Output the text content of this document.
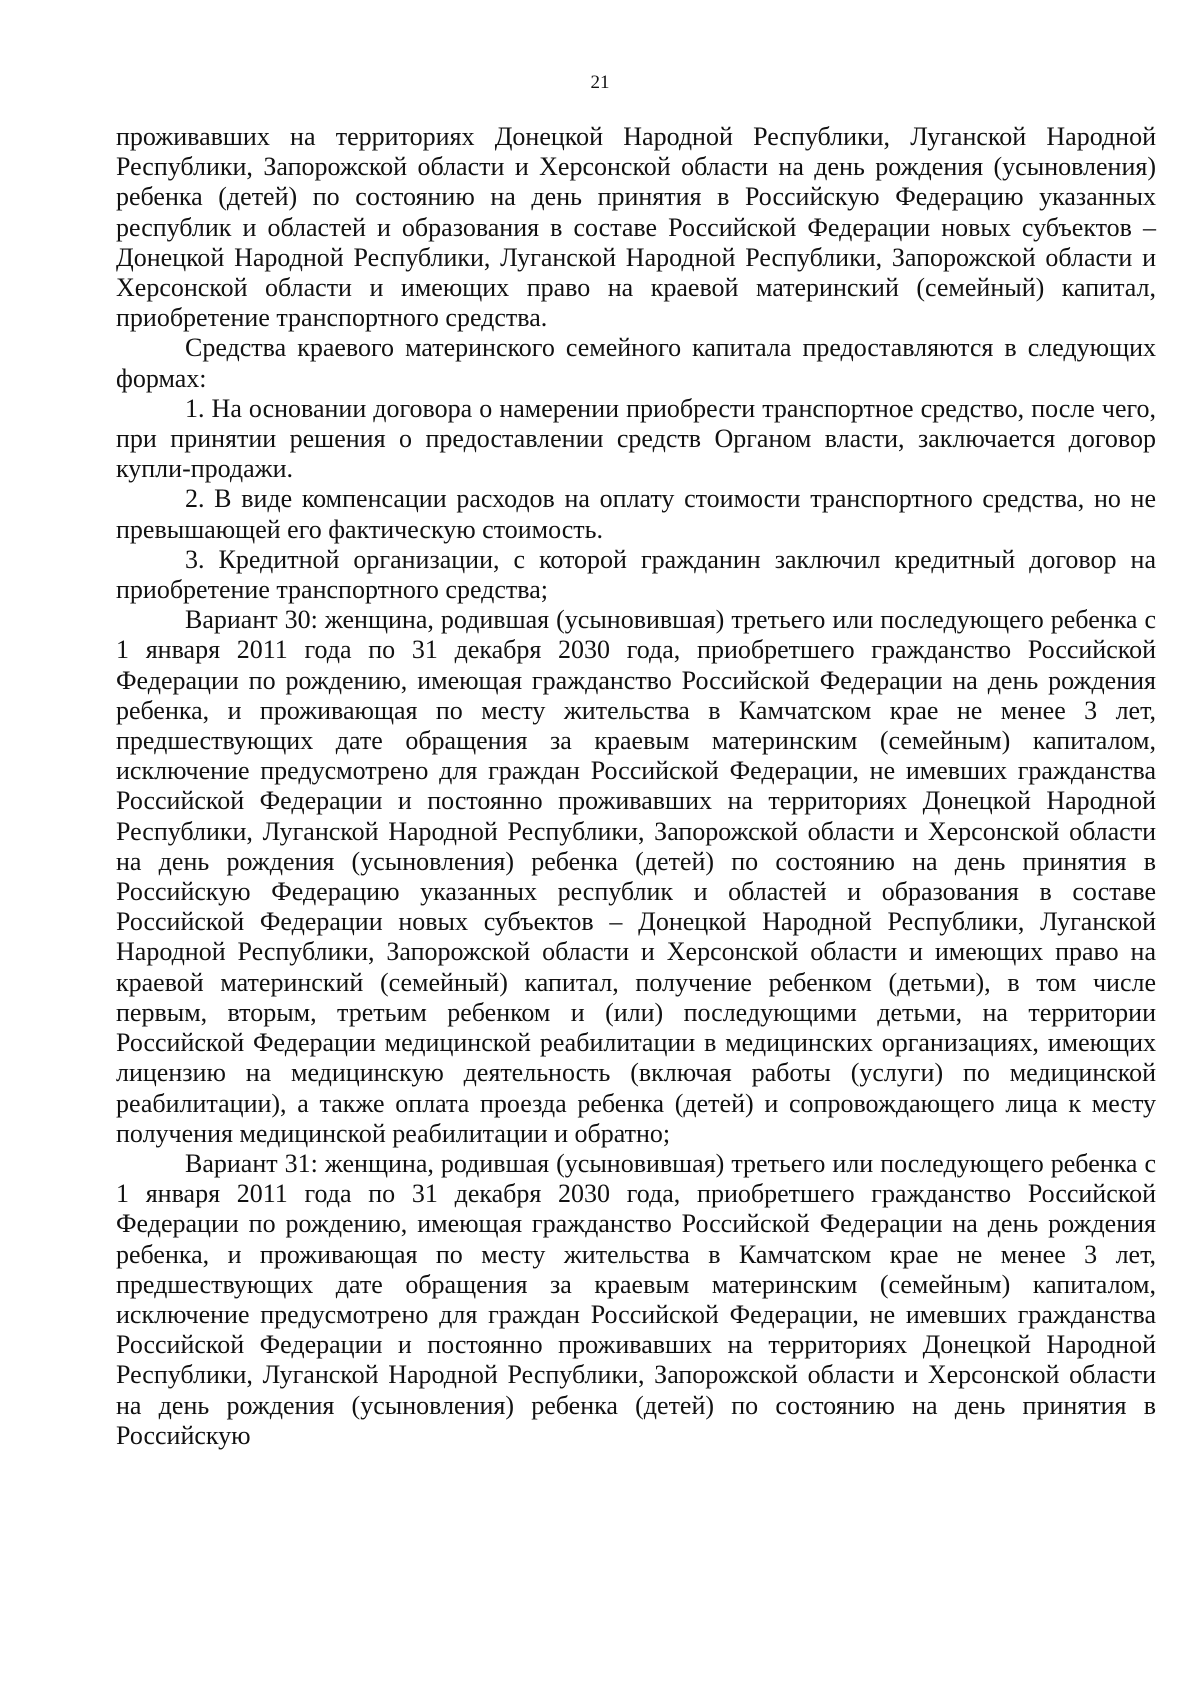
21

проживавших на территориях Донецкой Народной Республики, Луганской Народной Республики, Запорожской области и Херсонской области на день рождения (усыновления) ребенка (детей) по состоянию на день принятия в Российскую Федерацию указанных республик и областей и образования в составе Российской Федерации новых субъектов – Донецкой Народной Республики, Луганской Народной Республики, Запорожской области и Херсонской области и имеющих право на краевой материнский (семейный) капитал, приобретение транспортного средства.

Средства краевого материнского семейного капитала предоставляются в следующих формах:

1. На основании договора о намерении приобрести транспортное средство, после чего, при принятии решения о предоставлении средств Органом власти, заключается договор купли-продажи.

2. В виде компенсации расходов на оплату стоимости транспортного средства, но не превышающей его фактическую стоимость.

3. Кредитной организации, с которой гражданин заключил кредитный договор на приобретение транспортного средства;

Вариант 30: женщина, родившая (усыновившая) третьего или последующего ребенка с 1 января 2011 года по 31 декабря 2030 года, приобретшего гражданство Российской Федерации по рождению, имеющая гражданство Российской Федерации на день рождения ребенка, и проживающая по месту жительства в Камчатском крае не менее 3 лет, предшествующих дате обращения за краевым материнским (семейным) капиталом, исключение предусмотрено для граждан Российской Федерации, не имевших гражданства Российской Федерации и постоянно проживавших на территориях Донецкой Народной Республики, Луганской Народной Республики, Запорожской области и Херсонской области на день рождения (усыновления) ребенка (детей) по состоянию на день принятия в Российскую Федерацию указанных республик и областей и образования в составе Российской Федерации новых субъектов – Донецкой Народной Республики, Луганской Народной Республики, Запорожской области и Херсонской области и имеющих право на краевой материнский (семейный) капитал, получение ребенком (детьми), в том числе первым, вторым, третьим ребенком и (или) последующими детьми, на территории Российской Федерации медицинской реабилитации в медицинских организациях, имеющих лицензию на медицинскую деятельность (включая работы (услуги) по медицинской реабилитации), а также оплата проезда ребенка (детей) и сопровождающего лица к месту получения медицинской реабилитации и обратно;

Вариант 31: женщина, родившая (усыновившая) третьего или последующего ребенка с 1 января 2011 года по 31 декабря 2030 года, приобретшего гражданство Российской Федерации по рождению, имеющая гражданство Российской Федерации на день рождения ребенка, и проживающая по месту жительства в Камчатском крае не менее 3 лет, предшествующих дате обращения за краевым материнским (семейным) капиталом, исключение предусмотрено для граждан Российской Федерации, не имевших гражданства Российской Федерации и постоянно проживавших на территориях Донецкой Народной Республики, Луганской Народной Республики, Запорожской области и Херсонской области на день рождения (усыновления) ребенка (детей) по состоянию на день принятия в Российскую
